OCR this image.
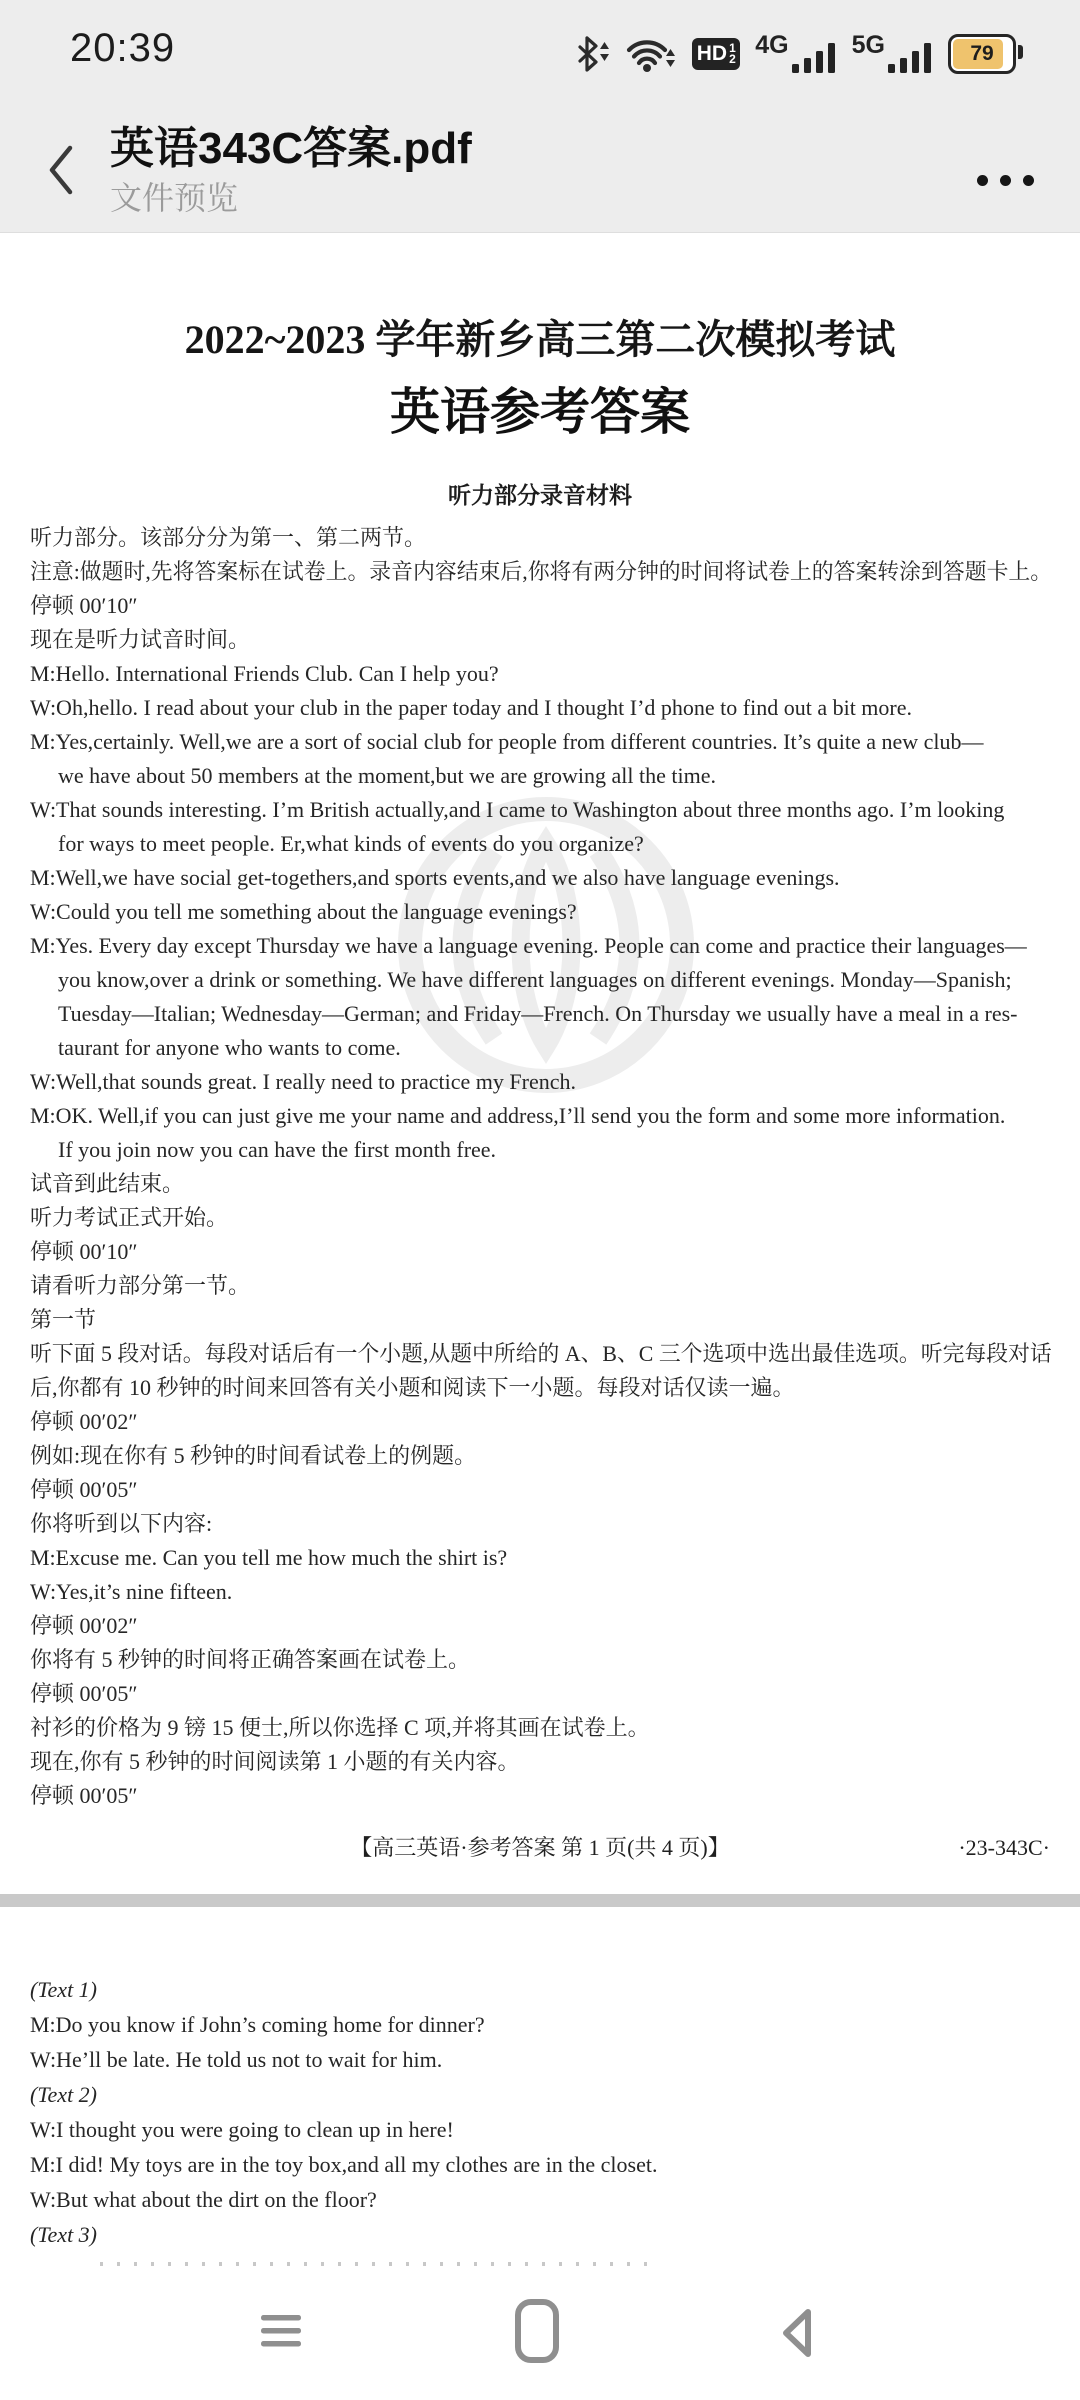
20:39	HD 1
2 4G	5G	79
英语343C答案.pdf
文件预览
2022~2023 学年新乡高三第二次模拟考试
英语参考答案
听力部分录音材料
听力部分。该部分分为第一、第二两节。
注意:做题时,先将答案标在试卷上。录音内容结束后,你将有两分钟的时间将试卷上的答案转涂到答题卡上。
停顿 00′10″
现在是听力试音时间。
M:Hello. International Friends Club. Can I help you?
W:Oh,hello. I read about your club in the paper today and I thought I’d phone to find out a bit more.
M:Yes,certainly. Well,we are a sort of social club for people from different countries. It’s quite a new club—
we have about 50 members at the moment,but we are growing all the time.
W:That sounds interesting. I’m British actually,and I came to Washington about three months ago. I’m looking
for ways to meet people. Er,what kinds of events do you organize?
M:Well,we have social get-togethers,and sports events,and we also have language evenings.
W:Could you tell me something about the language evenings?
M:Yes. Every day except Thursday we have a language evening. People can come and practice their languages—
you know,over a drink or something. We have different languages on different evenings. Monday—Spanish;
Tuesday—Italian; Wednesday—German; and Friday—French. On Thursday we usually have a meal in a res-
taurant for anyone who wants to come.
W:Well,that sounds great. I really need to practice my French.
M:OK. Well,if you can just give me your name and address,I’ll send you the form and some more information.
If you join now you can have the first month free.
试音到此结束。
听力考试正式开始。
停顿 00′10″
请看听力部分第一节。
第一节
听下面 5 段对话。每段对话后有一个小题,从题中所给的 A、B、C 三个选项中选出最佳选项。听完每段对话
后,你都有 10 秒钟的时间来回答有关小题和阅读下一小题。每段对话仅读一遍。
停顿 00′02″
例如:现在你有 5 秒钟的时间看试卷上的例题。
停顿 00′05″
你将听到以下内容:
M:Excuse me. Can you tell me how much the shirt is?
W:Yes,it’s nine fifteen.
停顿 00′02″
你将有 5 秒钟的时间将正确答案画在试卷上。
停顿 00′05″
衬衫的价格为 9 镑 15 便士,所以你选择 C 项,并将其画在试卷上。
现在,你有 5 秒钟的时间阅读第 1 小题的有关内容。
停顿 00′05″
【高三英语·参考答案 第 1 页(共 4 页)】	·23-343C·
(Text 1)
M:Do you know if John’s coming home for dinner?
W:He’ll be late. He told us not to wait for him.
(Text 2)
W:I thought you were going to clean up in here!
M:I did! My toys are in the toy box,and all my clothes are in the closet.
W:But what about the dirt on the floor?
(Text 3)
